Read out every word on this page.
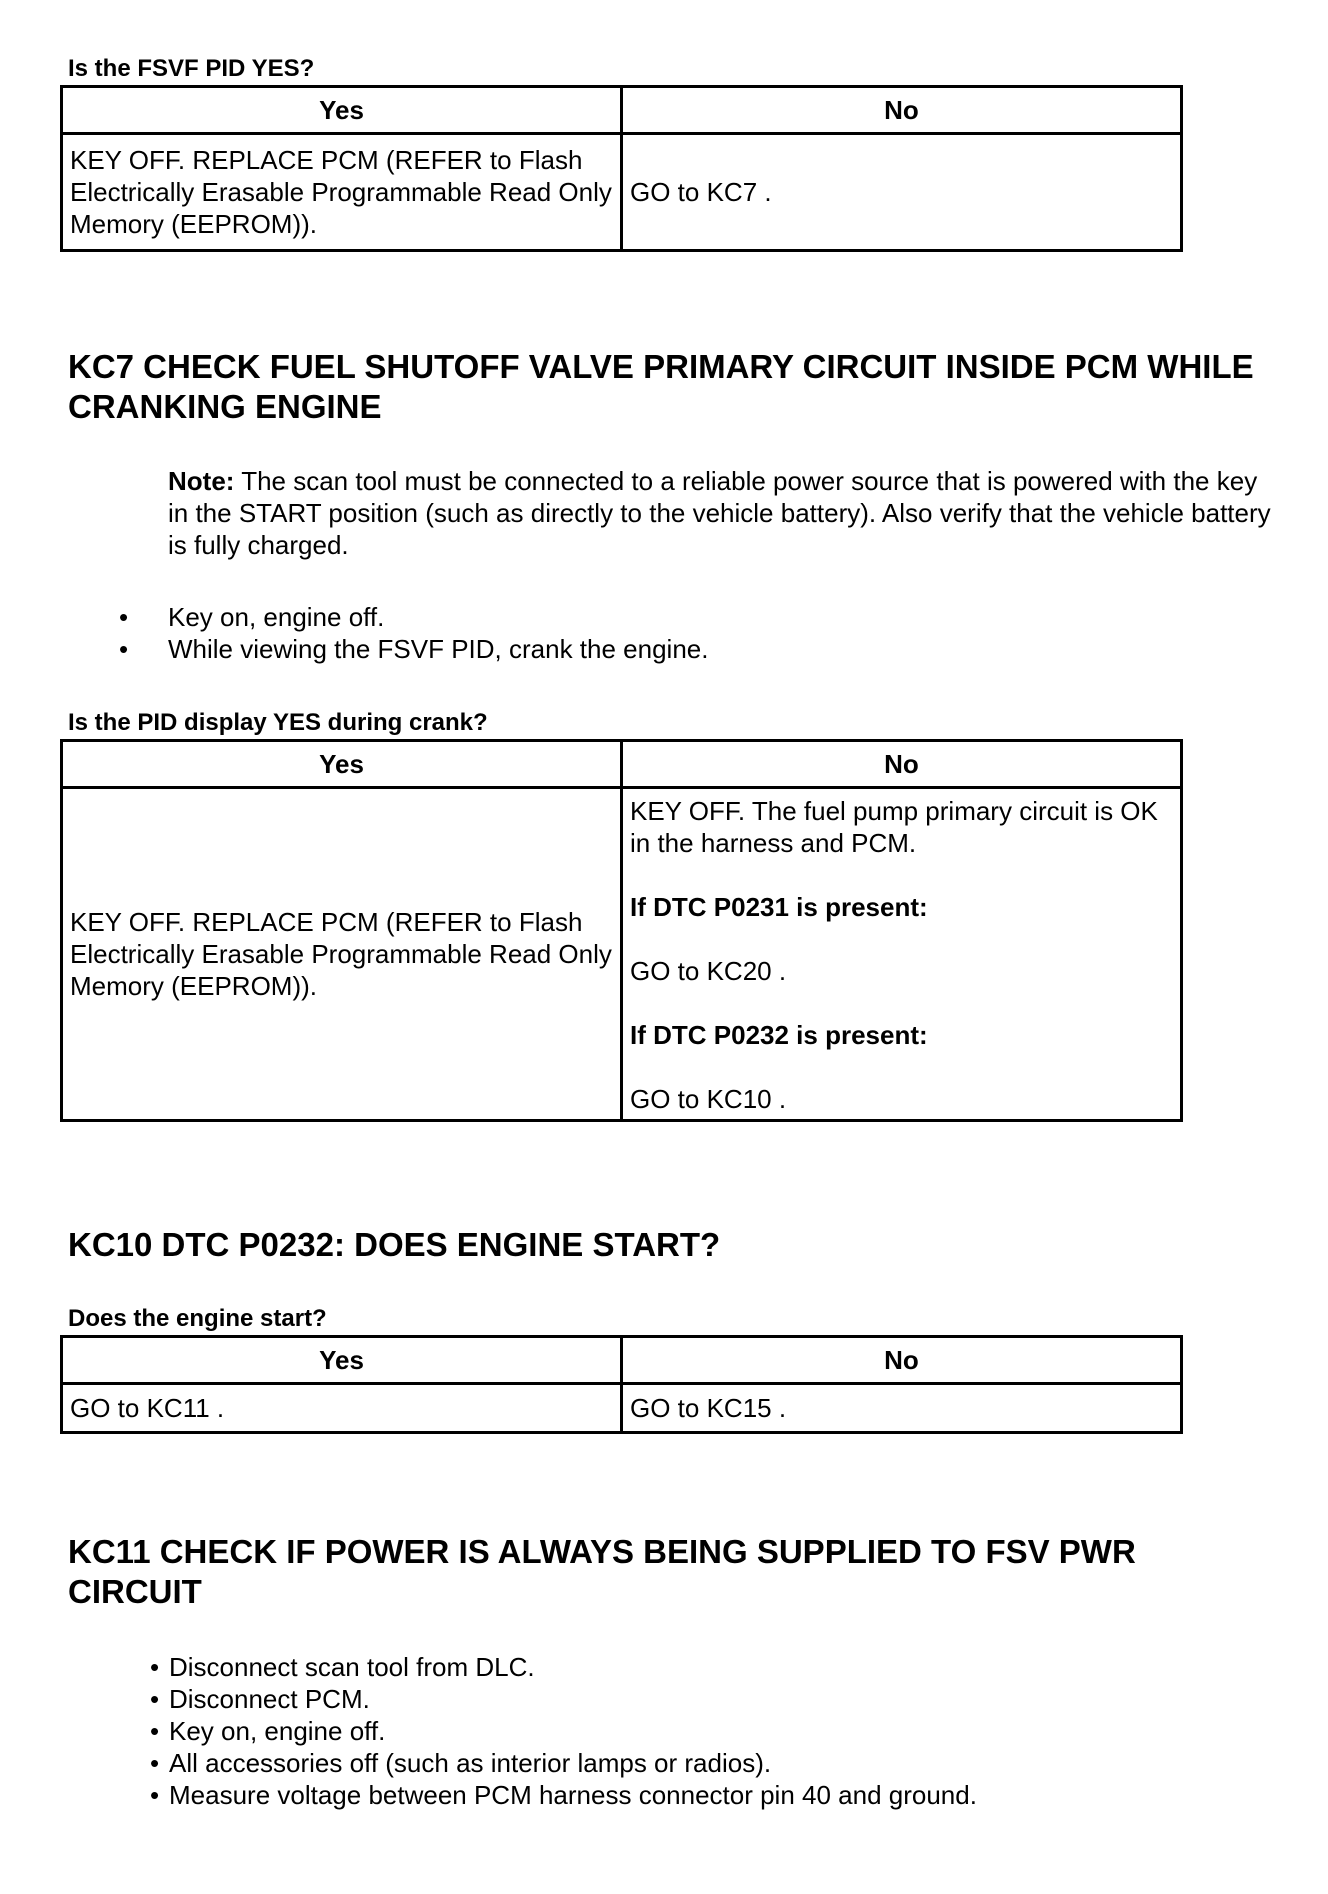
Is the FSVF PID YES?
Yes	No
KEY OFF. REPLACE PCM (REFER to Flash Electrically Erasable Programmable Read Only Memory (EEPROM)).	GO to KC7 .
KC7 CHECK FUEL SHUTOFF VALVE PRIMARY CIRCUIT INSIDE PCM WHILE CRANKING ENGINE
Note: The scan tool must be connected to a reliable power source that is powered with the key in the START position (such as directly to the vehicle battery). Also verify that the vehicle battery is fully charged.
• Key on, engine off.
• While viewing the FSVF PID, crank the engine.
Is the PID display YES during crank?
Yes	No
KEY OFF. REPLACE PCM (REFER to Flash Electrically Erasable Programmable Read Only Memory (EEPROM)).	KEY OFF. The fuel pump primary circuit is OK in the harness and PCM.

If DTC P0231 is present:

GO to KC20 .

If DTC P0232 is present:

GO to KC10 .

KC10 DTC P0232: DOES ENGINE START?
Does the engine start?
Yes	No
GO to KC11 .	GO to KC15 .
KC11 CHECK IF POWER IS ALWAYS BEING SUPPLIED TO FSV PWR CIRCUIT
• Disconnect scan tool from DLC.
• Disconnect PCM.
• Key on, engine off.
• All accessories off (such as interior lamps or radios).
• Measure voltage between PCM harness connector pin 40 and ground.
